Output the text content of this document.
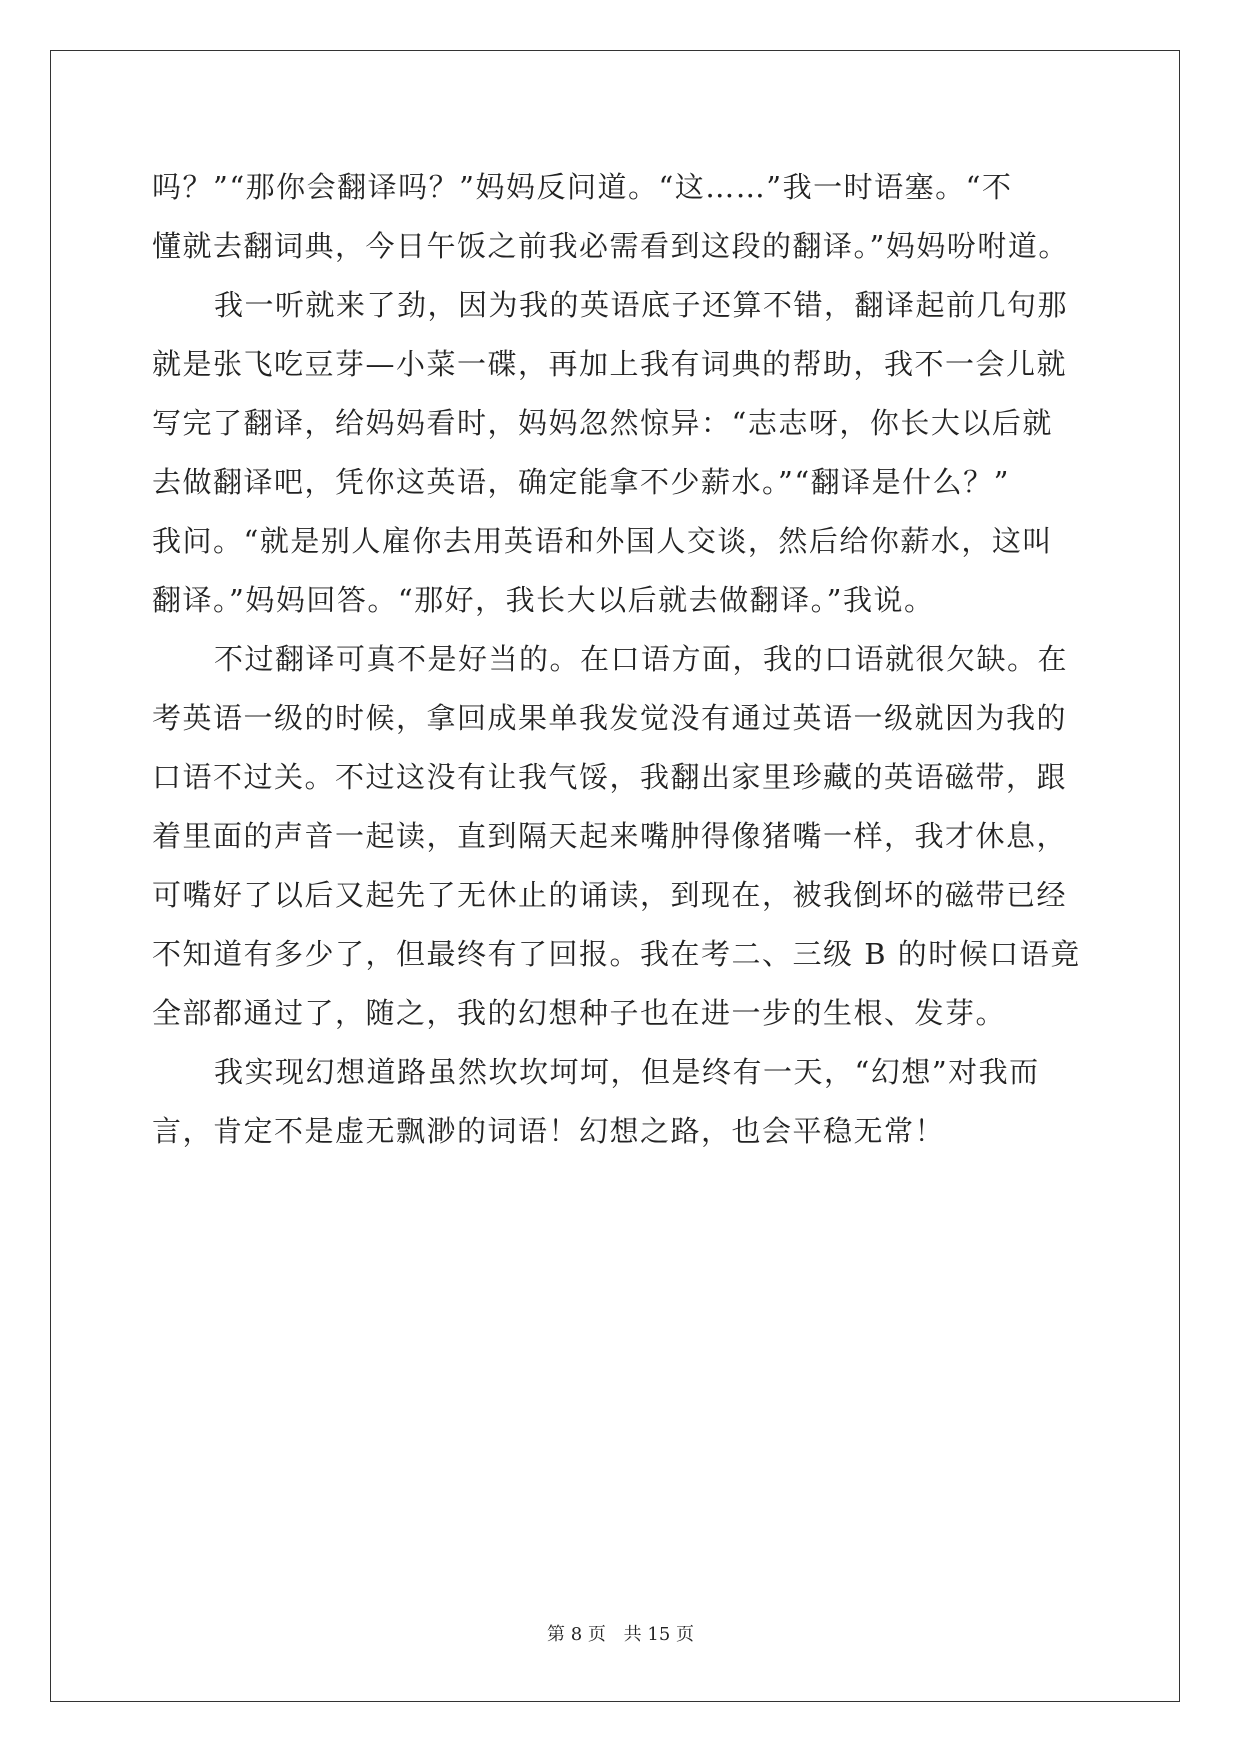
吗？”“那你会翻译吗？”妈妈反问道。“这……”我一时语塞。“不
懂就去翻词典，今日午饭之前我必需看到这段的翻译。”妈妈吩咐道。
我一听就来了劲，因为我的英语底子还算不错，翻译起前几句那
就是张飞吃豆芽—小菜一碟，再加上我有词典的帮助，我不一会儿就
写完了翻译，给妈妈看时，妈妈忽然惊异：“志志呀，你长大以后就
去做翻译吧，凭你这英语，确定能拿不少薪水。”“翻译是什么？”
我问。“就是别人雇你去用英语和外国人交谈，然后给你薪水，这叫
翻译。”妈妈回答。“那好，我长大以后就去做翻译。”我说。
不过翻译可真不是好当的。在口语方面，我的口语就很欠缺。在
考英语一级的时候，拿回成果单我发觉没有通过英语一级就因为我的
口语不过关。不过这没有让我气馁，我翻出家里珍藏的英语磁带，跟
着里面的声音一起读，直到隔天起来嘴肿得像猪嘴一样，我才休息，
可嘴好了以后又起先了无休止的诵读，到现在，被我倒坏的磁带已经
不知道有多少了，但最终有了回报。我在考二、三级 B 的时候口语竟
全部都通过了，随之，我的幻想种子也在进一步的生根、发芽。
我实现幻想道路虽然坎坎坷坷，但是终有一天，“幻想”对我而
言，肯定不是虚无飘渺的词语！幻想之路，也会平稳无常！
第 8 页 共 15 页
